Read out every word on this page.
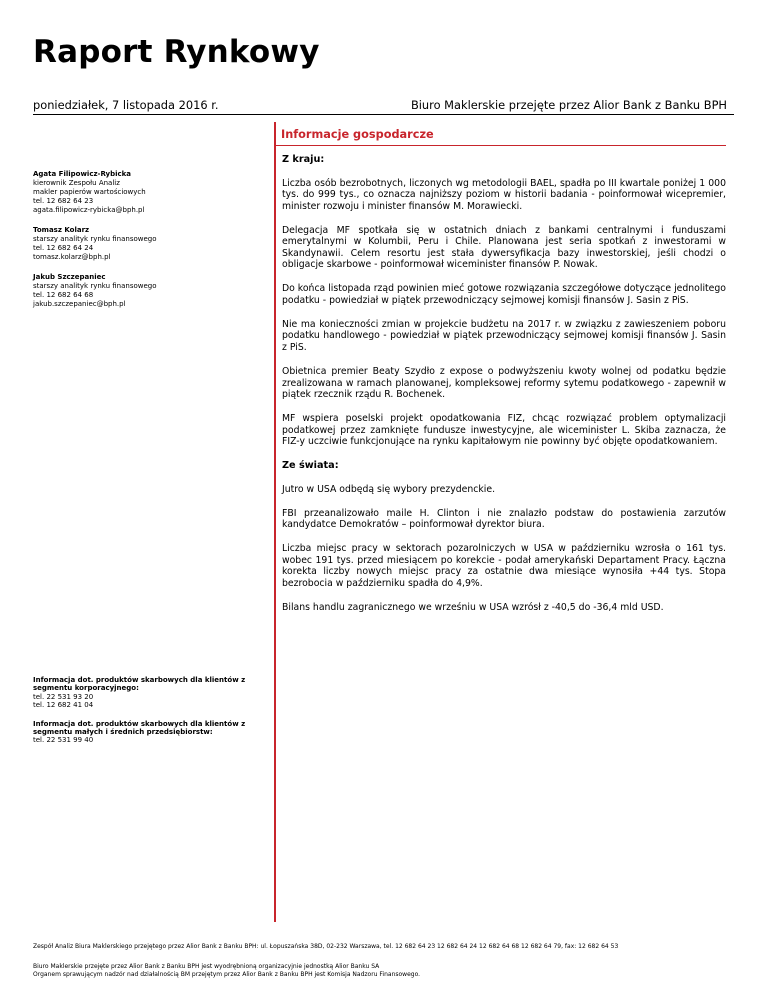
Raport Rynkowy
poniedziałek, 7 listopada 2016 r.	Biuro Maklerskie przejęte przez Alior Bank z Banku BPH
Informacje gospodarcze
Agata Filipowicz-Rybicka
kierownik Zespołu Analiz
makler papierów wartościowych
tel. 12 682 64 23
agata.filipowicz-rybicka@bph.pl
Tomasz Kolarz
starszy analityk rynku finansowego
tel. 12 682 64 24
tomasz.kolarz@bph.pl
Jakub Szczepaniec
starszy analityk rynku finansowego
tel. 12 682 64 68
jakub.szczepaniec@bph.pl
Informacja dot. produktów skarbowych dla klientów z segmentu korporacyjnego:
tel. 22 531 93 20
tel. 12 682 41 04
Informacja dot. produktów skarbowych dla klientów z segmentu małych i średnich przedsiębiorstw:
tel. 22 531 99 40
Z kraju:

Liczba osób bezrobotnych, liczonych wg metodologii BAEL, spadła po III kwartale poniżej 1 000 tys. do 999 tys., co oznacza najniższy poziom w historii badania - poinformował wicepremier, minister rozwoju i minister finansów M. Morawiecki.

Delegacja MF spotkała się w ostatnich dniach z bankami centralnymi i funduszami emerytalnymi w Kolumbii, Peru i Chile. Planowana jest seria spotkań z inwestorami w Skandynawii. Celem resortu jest stała dywersyfikacja bazy inwestorskiej, jeśli chodzi o obligacje skarbowe - poinformował wiceminister finansów P. Nowak.

Do końca listopada rząd powinien mieć gotowe rozwiązania szczegółowe dotyczące jednolitego podatku - powiedział w piątek przewodniczący sejmowej komisji finansów J. Sasin z PiS.

Nie ma konieczności zmian w projekcie budżetu na 2017 r. w związku z zawieszeniem poboru podatku handlowego - powiedział w piątek przewodniczący sejmowej komisji finansów J. Sasin z PiS.

Obietnica premier Beaty Szydło z expose o podwyższeniu kwoty wolnej od podatku będzie zrealizowana w ramach planowanej, kompleksowej reformy sytemu podatkowego - zapewnił w piątek rzecznik rządu R. Bochenek.

MF wspiera poselski projekt opodatkowania FIZ, chcąc rozwiązać problem optymalizacji podatkowej przez zamknięte fundusze inwestycyjne, ale wiceminister L. Skiba zaznacza, że FIZ-y uczciwie funkcjonujące na rynku kapitałowym nie powinny być objęte opodatkowaniem.

Ze świata:

Jutro w USA odbędą się wybory prezydenckie.

FBI przeanalizowało maile H. Clinton i nie znalazło podstaw do postawienia zarzutów kandydatce Demokratów – poinformował dyrektor biura.

Liczba miejsc pracy w sektorach pozarolniczych w USA w październiku wzrosła o 161 tys. wobec 191 tys. przed miesiącem po korekcie - podał amerykański Departament Pracy. Łączna korekta liczby nowych miejsc pracy za ostatnie dwa miesiące wynosiła +44 tys. Stopa bezrobocia w październiku spadła do 4,9%.

Bilans handlu zagranicznego we wrześniu w USA wzrósł z -40,5 do -36,4 mld USD.

Zespół Analiz Biura Maklerskiego przejętego przez Alior Bank z Banku BPH: ul. Łopuszańska 38D, 02-232 Warszawa, tel. 12 682 64 23 12 682 64 24 12 682 64 68 12 682 64 79, fax: 12 682 64 53
Biuro Maklerskie przejęte przez Alior Bank z Banku BPH jest wyodrębnioną organizacyjnie jednostką Alior Banku SA
Organem sprawującym nadzór nad działalnością BM przejętym przez Alior Bank z Banku BPH jest Komisja Nadzoru Finansowego.
